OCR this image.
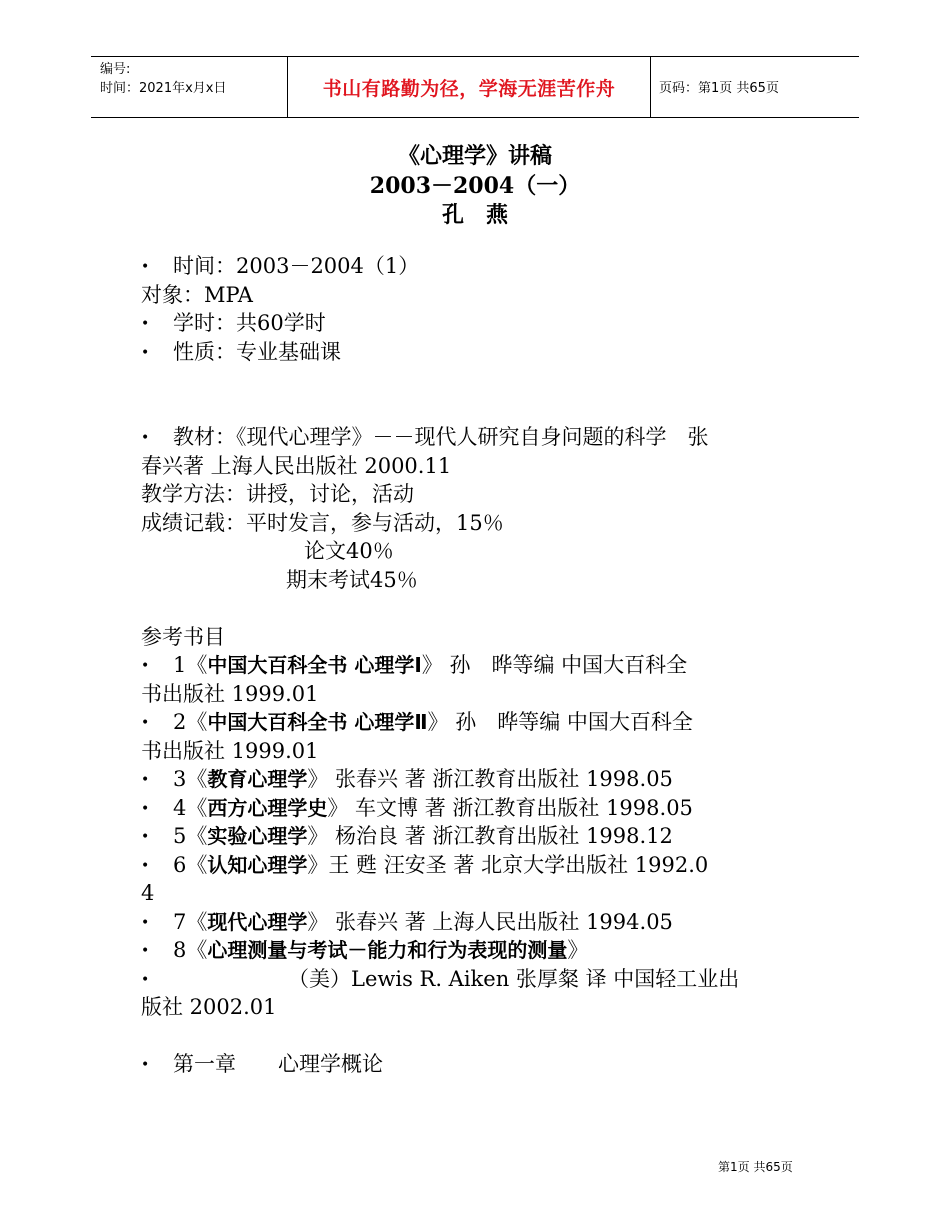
编号:
时间：2021年x月x日	书山有路勤为径，学海无涯苦作舟	页码：第1页 共65页
《心理学》讲稿
2003－2004（一）
孔　燕
• 时间：2003－2004（1）
对象：MPA
• 学时：共60学时
• 性质：专业基础课
• 教材：《现代心理学》－－现代人研究自身问题的科学　张
春兴著 上海人民出版社 2000.11
教学方法：讲授，讨论，活动
成绩记载：平时发言，参与活动，15％
论文40％
期末考试45％
参考书目
• 1《中国大百科全书 心理学Ⅰ》 孙　晔等编 中国大百科全
书出版社 1999.01
• 2《中国大百科全书 心理学Ⅱ》 孙　晔等编 中国大百科全
书出版社 1999.01
• 3《教育心理学》 张春兴 著 浙江教育出版社 1998.05
• 4《西方心理学史》 车文博 著 浙江教育出版社 1998.05
• 5《实验心理学》 杨治良 著 浙江教育出版社 1998.12
• 6《认知心理学》王 甦 汪安圣 著 北京大学出版社 1992.0
4
• 7《现代心理学》 张春兴 著 上海人民出版社 1994.05
• 8《心理测量与考试－能力和行为表现的测量》
•	（美）Lewis R. Aiken 张厚粲 译 中国轻工业出
版社 2002.01
• 第一章　　心理学概论
第1页 共65页
